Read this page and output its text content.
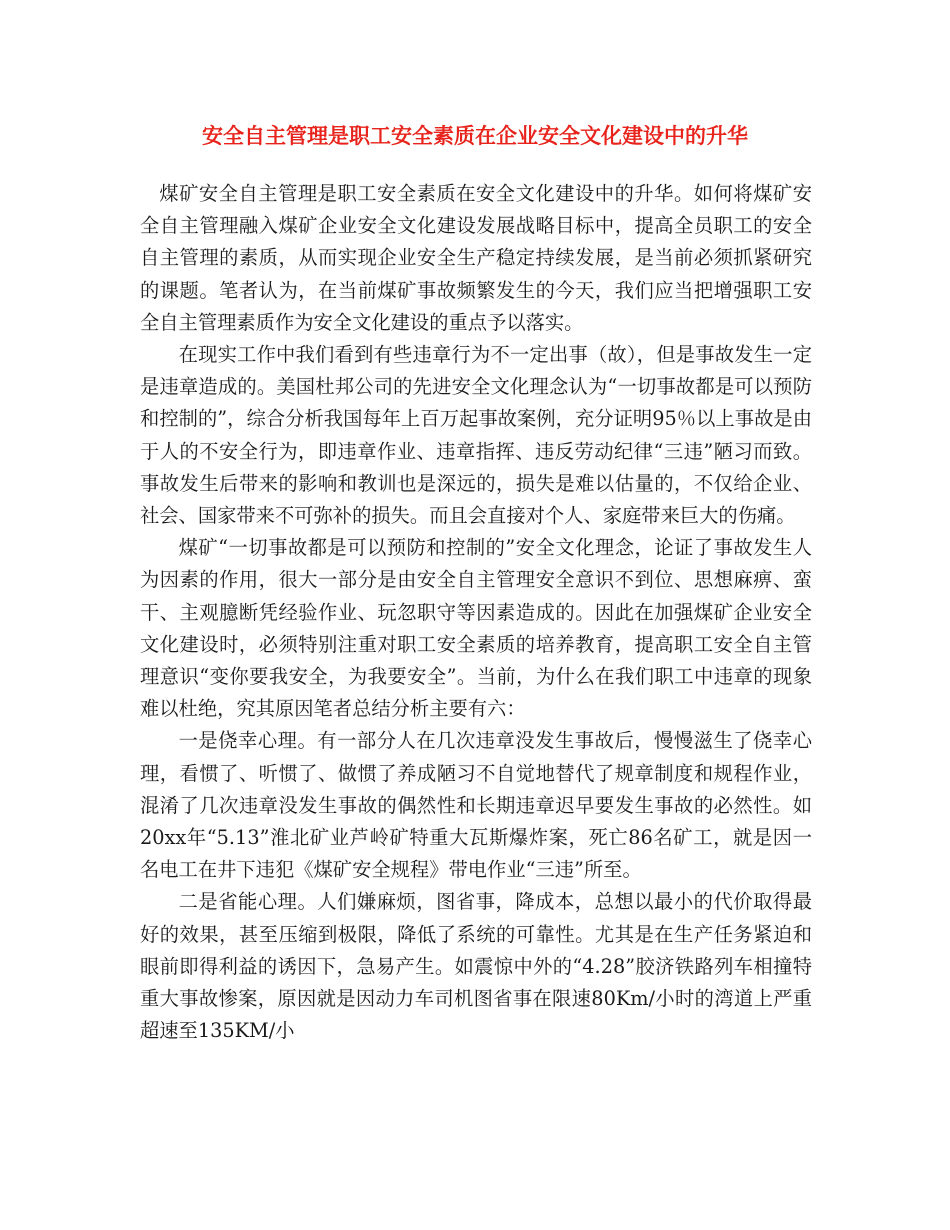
安全自主管理是职工安全素质在企业安全文化建设中的升华

煤矿安全自主管理是职工安全素质在安全文化建设中的升华。如何将煤矿安全自主管理融入煤矿企业安全文化建设发展战略目标中，提高全员职工的安全自主管理的素质，从而实现企业安全生产稳定持续发展，是当前必须抓紧研究的课题。笔者认为，在当前煤矿事故频繁发生的今天，我们应当把增强职工安全自主管理素质作为安全文化建设的重点予以落实。

在现实工作中我们看到有些违章行为不一定出事（故），但是事故发生一定是违章造成的。美国杜邦公司的先进安全文化理念认为“一切事故都是可以预防和控制的”，综合分析我国每年上百万起事故案例，充分证明95％以上事故是由于人的不安全行为，即违章作业、违章指挥、违反劳动纪律“三违”陋习而致。事故发生后带来的影响和教训也是深远的，损失是难以估量的，不仅给企业、社会、国家带来不可弥补的损失。而且会直接对个人、家庭带来巨大的伤痛。

煤矿“一切事故都是可以预防和控制的”安全文化理念，论证了事故发生人为因素的作用，很大一部分是由安全自主管理安全意识不到位、思想麻痹、蛮干、主观臆断凭经验作业、玩忽职守等因素造成的。因此在加强煤矿企业安全文化建设时，必须特别注重对职工安全素质的培养教育，提高职工安全自主管理意识“变你要我安全，为我要安全”。当前，为什么在我们职工中违章的现象难以杜绝，究其原因笔者总结分析主要有六：

一是侥幸心理。有一部分人在几次违章没发生事故后，慢慢滋生了侥幸心理，看惯了、听惯了、做惯了养成陋习不自觉地替代了规章制度和规程作业，混淆了几次违章没发生事故的偶然性和长期违章迟早要发生事故的必然性。如20xx年“5.13”淮北矿业芦岭矿特重大瓦斯爆炸案，死亡86名矿工，就是因一名电工在井下违犯《煤矿安全规程》带电作业“三违”所至。

二是省能心理。人们嫌麻烦，图省事，降成本，总想以最小的代价取得最好的效果，甚至压缩到极限，降低了系统的可靠性。尤其是在生产任务紧迫和眼前即得利益的诱因下，急易产生。如震惊中外的“4.28”胶济铁路列车相撞特重大事故惨案，原因就是因动力车司机图省事在限速80Km/小时的湾道上严重超速至135KM/小
